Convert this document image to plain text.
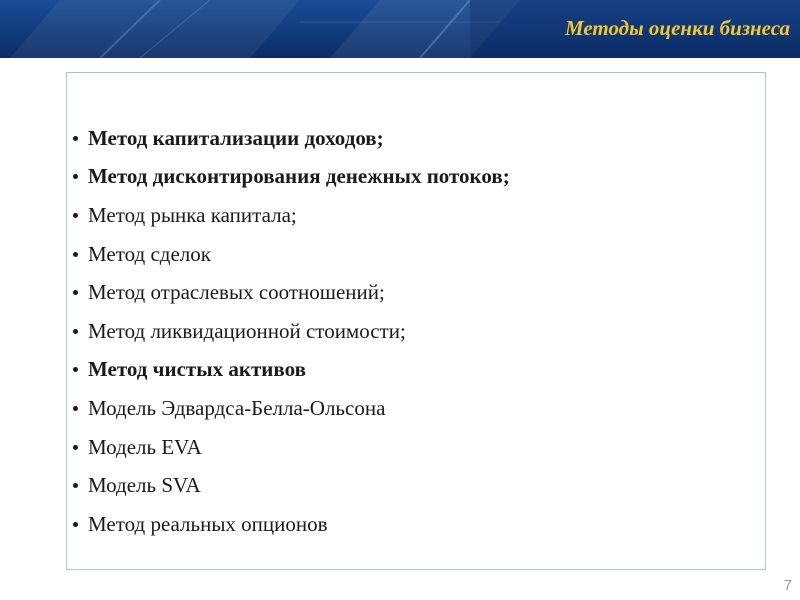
Методы оценки бизнеса
Метод капитализации доходов;
Метод дисконтирования денежных потоков;
Метод рынка капитала;
Метод сделок
Метод отраслевых соотношений;
Метод ликвидационной стоимости;
Метод чистых активов
Модель Эдвардса-Белла-Ольсона
Модель EVA
Модель SVA
Метод реальных опционов
7
